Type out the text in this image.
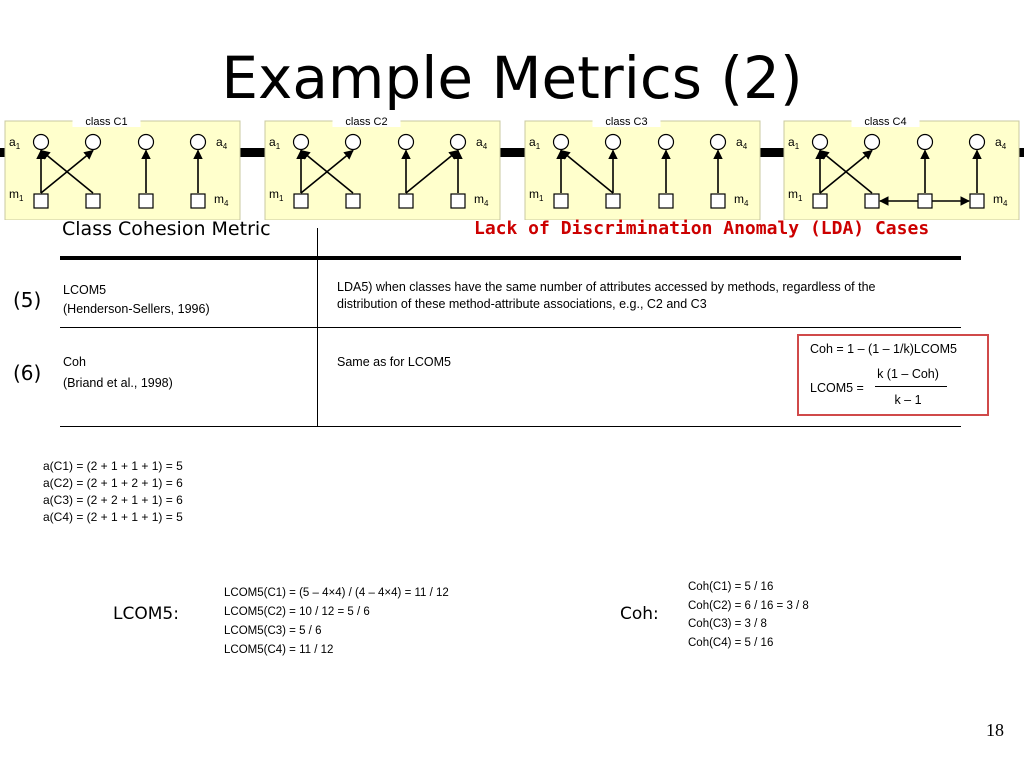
Example Metrics (2)
class C1
$a_1$	$a_4$
$m_1$	$m_4$
class C2
$a_1$	$a_4$
$m_1$	$m_4$
class C3
$a_1$	$a_4$
$m_1$	$m_4$
class C4
$a_1$	$a_4$
$m_1$	$m_4$
Class Cohesion Metric	Lack of Discrimination Anomaly (LDA) Cases
(5) LCOM5
(Henderson-Sellers, 1996)
LDA5) when classes have the same number of attributes accessed by methods, regardless of the
distribution of these method-attribute associations, e.g., C2 and C3
(6) Coh
(Briand et al., 1998)
Same as for LCOM5
Coh = 1 – (1 – 1/k)LCOM5
LCOM5 =
k (1 – Coh)
k – 1
a(C1) = (2 + 1 + 1 + 1) = 5
a(C2) = (2 + 1 + 2 + 1) = 6
a(C3) = (2 + 2 + 1 + 1) = 6
a(C4) = (2 + 1 + 1 + 1) = 5
LCOM5:
LCOM5(C1) = (5 – 4×4) / (4 – 4×4) = 11 / 12
LCOM5(C2) = 10 / 12 = 5 / 6
LCOM5(C3) = 5 / 6
LCOM5(C4) = 11 / 12
Coh:
Coh(C1) = 5 / 16
Coh(C2) = 6 / 16 = 3 / 8
Coh(C3) = 3 / 8
Coh(C4) = 5 / 16
18
